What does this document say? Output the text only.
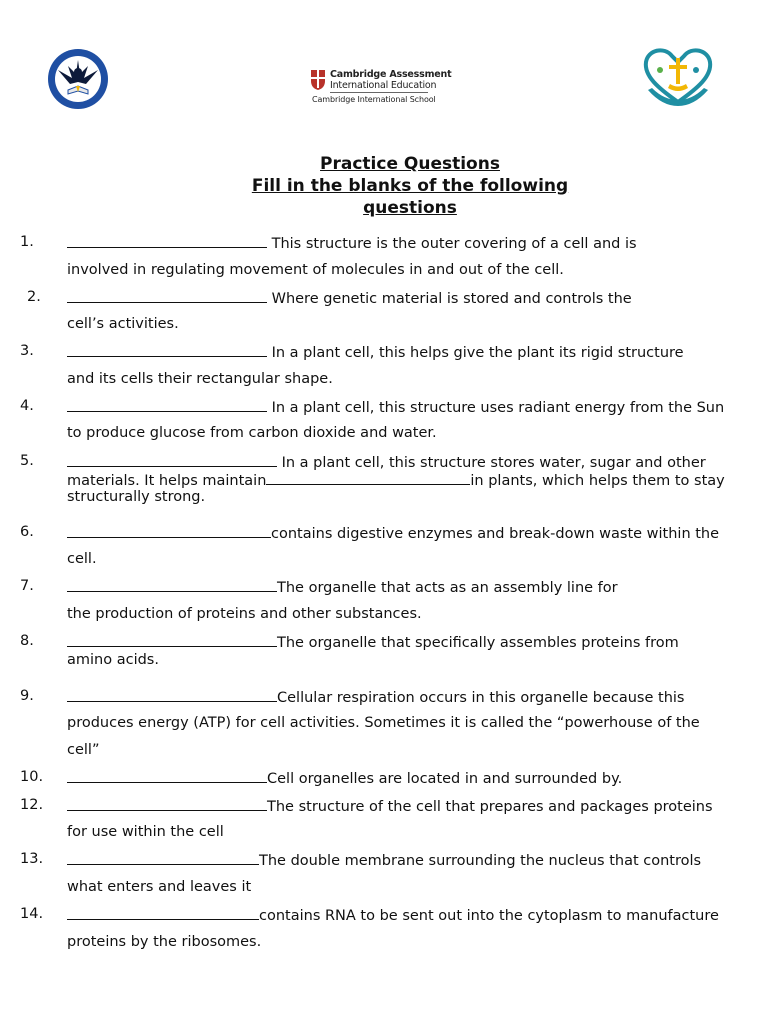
Cambridge Assessment
International Education
Cambridge International School
Practice Questions
Fill in the blanks of the following
questions
1.	This structure is the outer covering of a cell and is
involved in regulating movement of molecules in and out of the cell.
2.	Where genetic material is stored and controls the
cell’s activities.
3.	In a plant cell, this helps give the plant its rigid structure
and its cells their rectangular shape.
4.	In a plant cell, this structure uses radiant energy from the Sun
to produce glucose from carbon dioxide and water.
5.	In a plant cell, this structure stores water, sugar and other
materials. It helps maintain	in plants, which helps them to stay
structurally strong.
6.	contains digestive enzymes and break-down waste within the
cell.
7.	The organelle that acts as an assembly line for
the production of proteins and other substances.
8.	The organelle that specifically assembles proteins from
amino acids.
9.	Cellular respiration occurs in this organelle because this
produces energy (ATP) for cell activities. Sometimes it is called the “powerhouse of the
cell”
10.	Cell organelles are located in and surrounded by.
12.	The structure of the cell that prepares and packages proteins
for use within the cell
13.	The double membrane surrounding the nucleus that controls
what enters and leaves it
14.	contains RNA to be sent out into the cytoplasm to manufacture
proteins by the ribosomes.
